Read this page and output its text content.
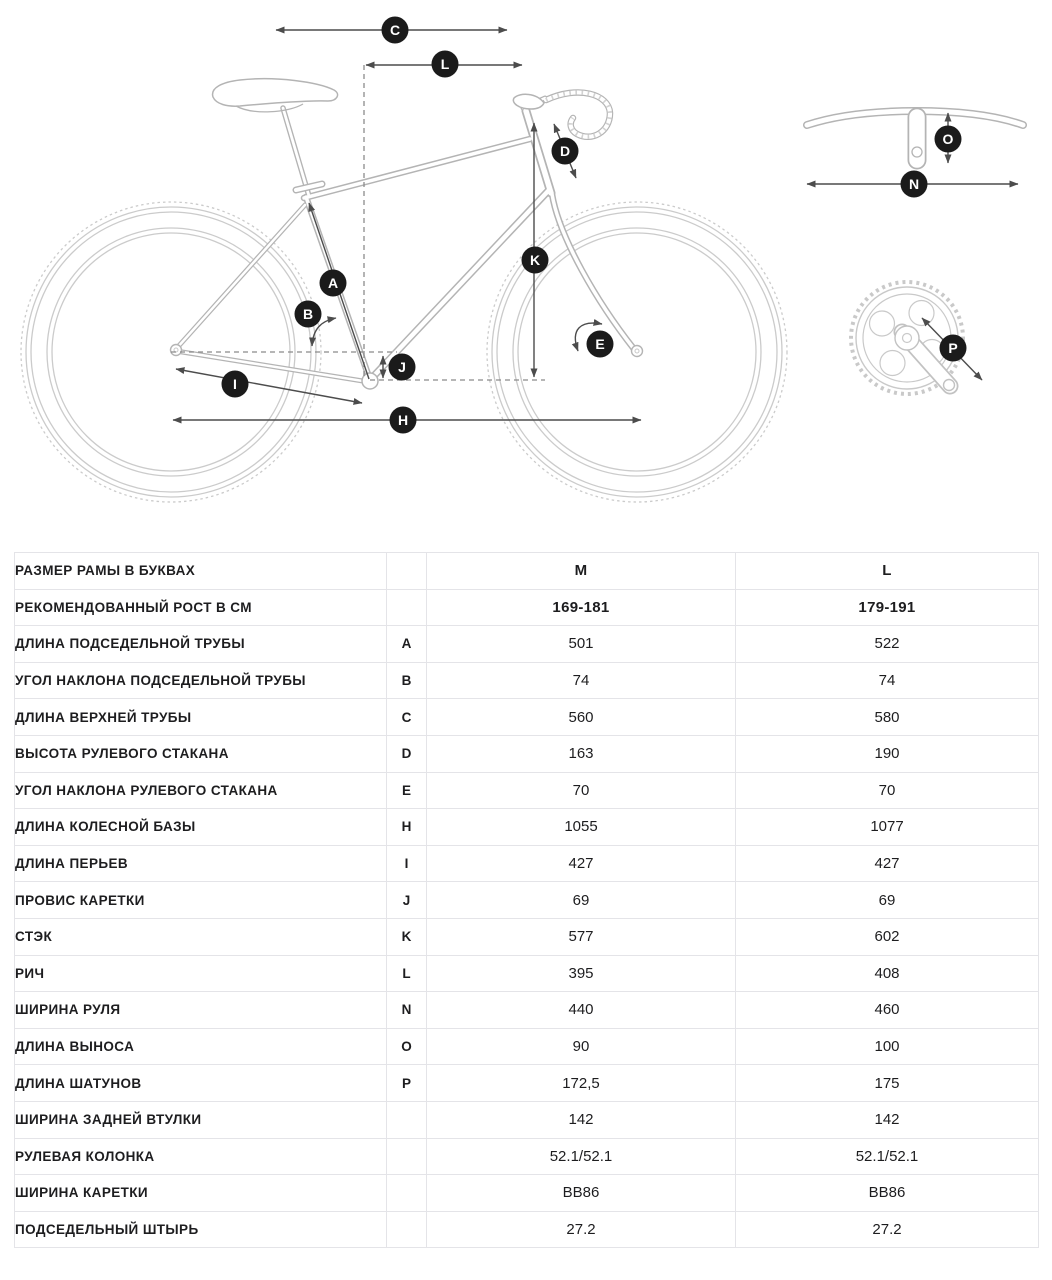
C
L
D
K
A
B
E
J
I
H
O
N
P
РАЗМЕР РАМЫ В БУКВАХ		M	L
РЕКОМЕНДОВАННЫЙ РОСТ В СМ		169-181	179-191
ДЛИНА ПОДСЕДЕЛЬНОЙ ТРУБЫ	A	501	522
УГОЛ НАКЛОНА ПОДСЕДЕЛЬНОЙ ТРУБЫ	B	74	74
ДЛИНА ВЕРХНЕЙ ТРУБЫ	C	560	580
ВЫСОТА РУЛЕВОГО СТАКАНА	D	163	190
УГОЛ НАКЛОНА РУЛЕВОГО СТАКАНА	E	70	70
ДЛИНА КОЛЕСНОЙ БАЗЫ	H	1055	1077
ДЛИНА ПЕРЬЕВ	I	427	427
ПРОВИС КАРЕТКИ	J	69	69
СТЭК	K	577	602
РИЧ	L	395	408
ШИРИНА РУЛЯ	N	440	460
ДЛИНА ВЫНОСА	O	90	100
ДЛИНА ШАТУНОВ	P	172,5	175
ШИРИНА ЗАДНЕЙ ВТУЛКИ		142	142
РУЛЕВАЯ КОЛОНКА		52.1/52.1	52.1/52.1
ШИРИНА КАРЕТКИ		BB86	BB86
ПОДСЕДЕЛЬНЫЙ ШТЫРЬ		27.2	27.2
